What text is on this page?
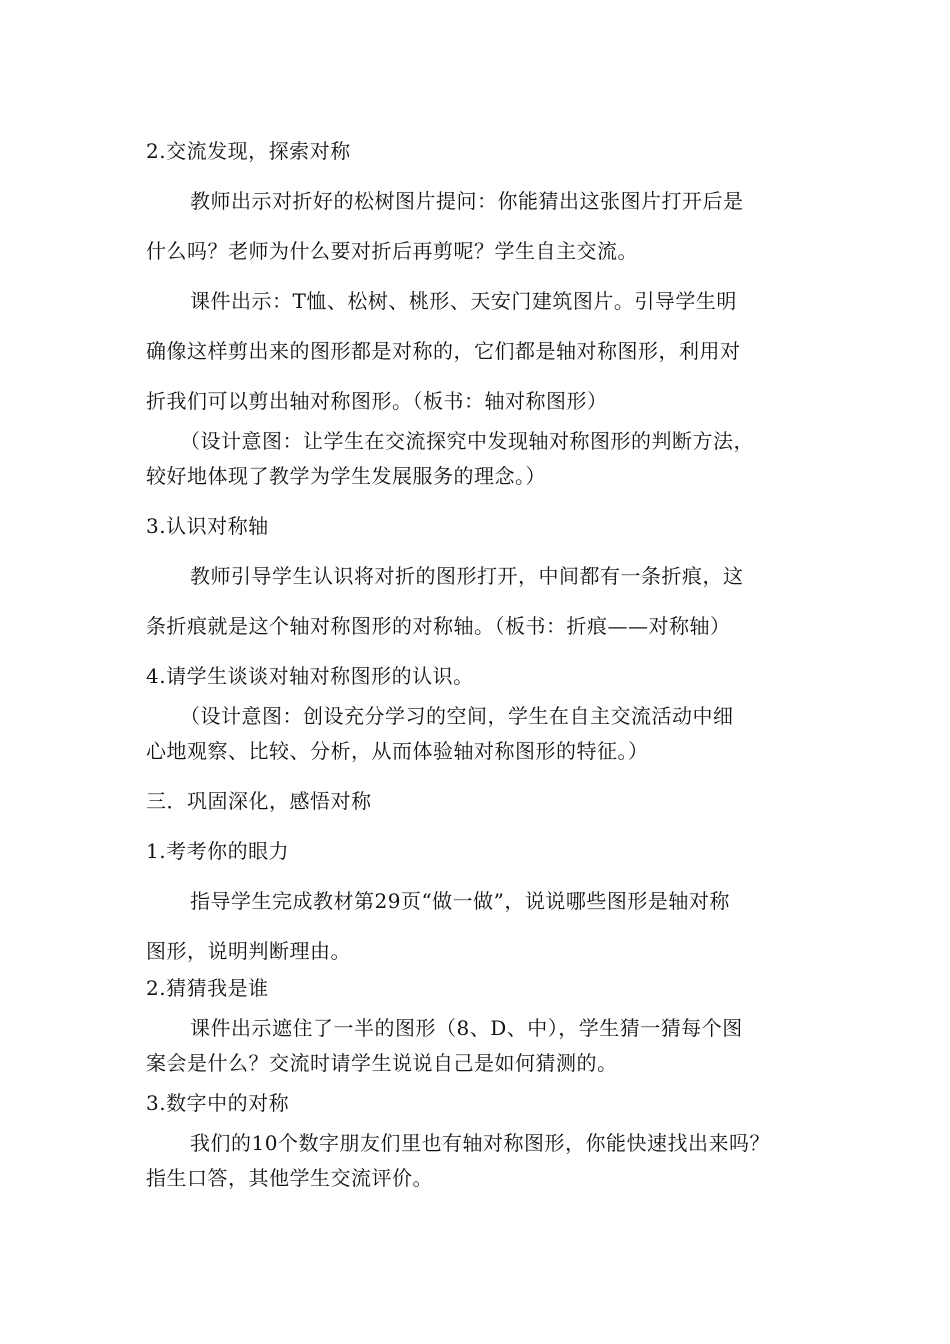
2.交流发现，探索对称
教师出示对折好的松树图片提问：你能猜出这张图片打开后是
什么吗？老师为什么要对折后再剪呢？学生自主交流。
课件出示：T恤、松树、桃形、天安门建筑图片。引导学生明
确像这样剪出来的图形都是对称的，它们都是轴对称图形，利用对
折我们可以剪出轴对称图形。（板书：轴对称图形）
（设计意图：让学生在交流探究中发现轴对称图形的判断方法，
较好地体现了教学为学生发展服务的理念。）
3.认识对称轴
教师引导学生认识将对折的图形打开，中间都有一条折痕，这
条折痕就是这个轴对称图形的对称轴。（板书：折痕——对称轴）
4.请学生谈谈对轴对称图形的认识。
（设计意图：创设充分学习的空间，学生在自主交流活动中细
心地观察、比较、分析，从而体验轴对称图形的特征。）
三．巩固深化，感悟对称
1.考考你的眼力
指导学生完成教材第29页“做一做”，说说哪些图形是轴对称
图形，说明判断理由。
2.猜猜我是谁
课件出示遮住了一半的图形（8、D、中），学生猜一猜每个图
案会是什么？交流时请学生说说自己是如何猜测的。
3.数字中的对称
我们的10个数字朋友们里也有轴对称图形，你能快速找出来吗？
指生口答，其他学生交流评价。
